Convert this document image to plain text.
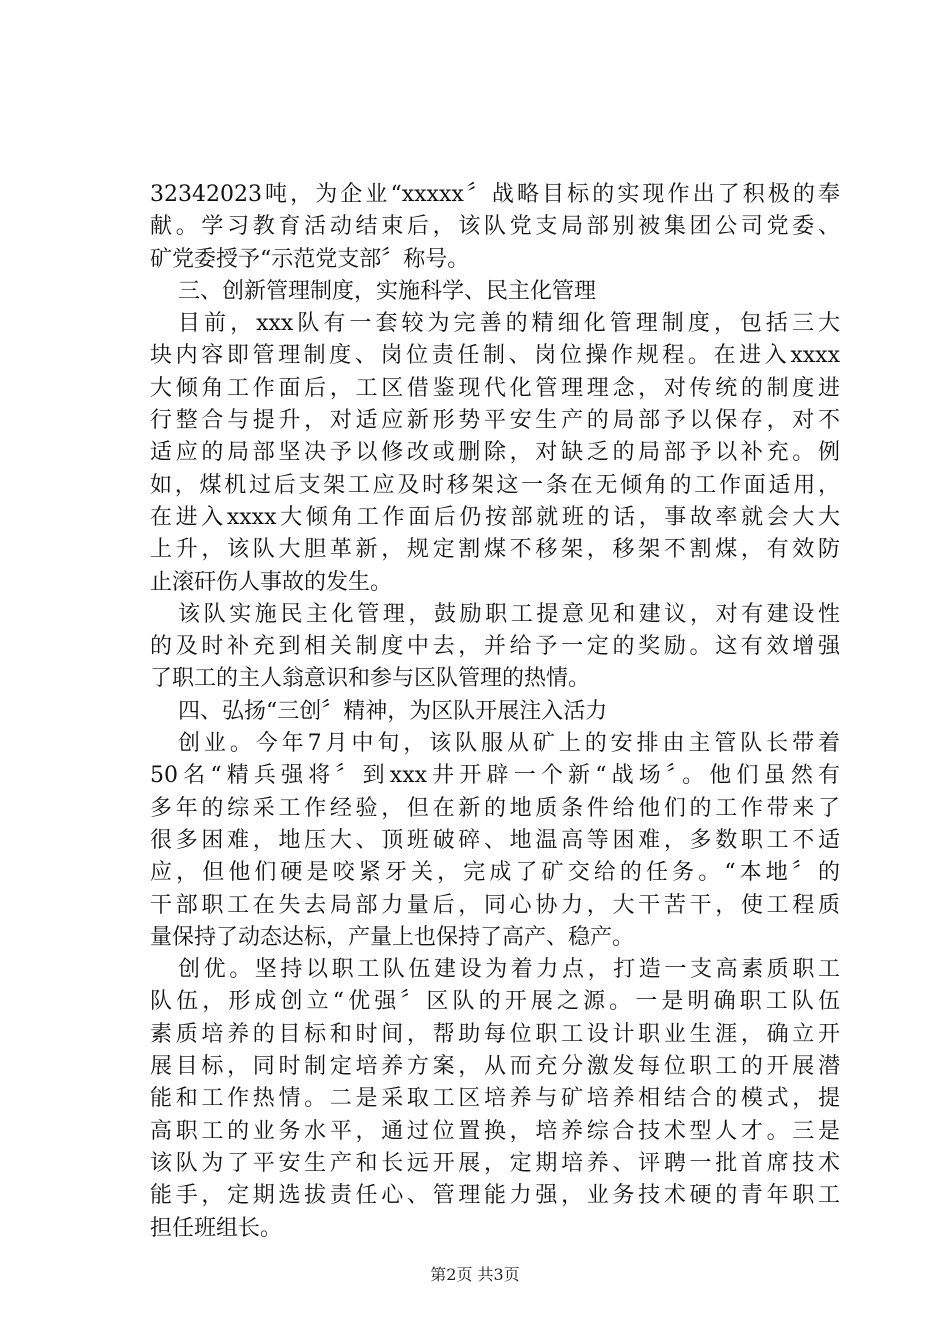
32342023吨，为企业“xxxxx〞战略目标的实现作出了积极的奉
献。学习教育活动结束后，该队党支局部别被集团公司党委、
矿党委授予“示范党支部〞称号。
三、创新管理制度，实施科学、民主化管理
目前，xxx队有一套较为完善的精细化管理制度，包括三大
块内容即管理制度、岗位责任制、岗位操作规程。在进入xxxx
大倾角工作面后，工区借鉴现代化管理理念，对传统的制度进
行整合与提升，对适应新形势平安生产的局部予以保存，对不
适应的局部坚决予以修改或删除，对缺乏的局部予以补充。例
如，煤机过后支架工应及时移架这一条在无倾角的工作面适用，
在进入xxxx大倾角工作面后仍按部就班的话，事故率就会大大
上升，该队大胆革新，规定割煤不移架，移架不割煤，有效防
止滚矸伤人事故的发生。
该队实施民主化管理，鼓励职工提意见和建议，对有建设性
的及时补充到相关制度中去，并给予一定的奖励。这有效增强
了职工的主人翁意识和参与区队管理的热情。
四、弘扬“三创〞精神，为区队开展注入活力
创业。今年7月中旬，该队服从矿上的安排由主管队长带着
50名“精兵强将〞到xxx井开辟一个新“战场〞。他们虽然有
多年的综采工作经验，但在新的地质条件给他们的工作带来了
很多困难，地压大、顶班破碎、地温高等困难，多数职工不适
应，但他们硬是咬紧牙关，完成了矿交给的任务。“本地〞的
干部职工在失去局部力量后，同心协力，大干苦干，使工程质
量保持了动态达标，产量上也保持了高产、稳产。
创优。坚持以职工队伍建设为着力点，打造一支高素质职工
队伍，形成创立“优强〞区队的开展之源。一是明确职工队伍
素质培养的目标和时间，帮助每位职工设计职业生涯，确立开
展目标，同时制定培养方案，从而充分激发每位职工的开展潜
能和工作热情。二是采取工区培养与矿培养相结合的模式，提
高职工的业务水平，通过位置换，培养综合技术型人才。三是
该队为了平安生产和长远开展，定期培养、评聘一批首席技术
能手，定期选拔责任心、管理能力强，业务技术硬的青年职工
担任班组长。
第2页 共3页
